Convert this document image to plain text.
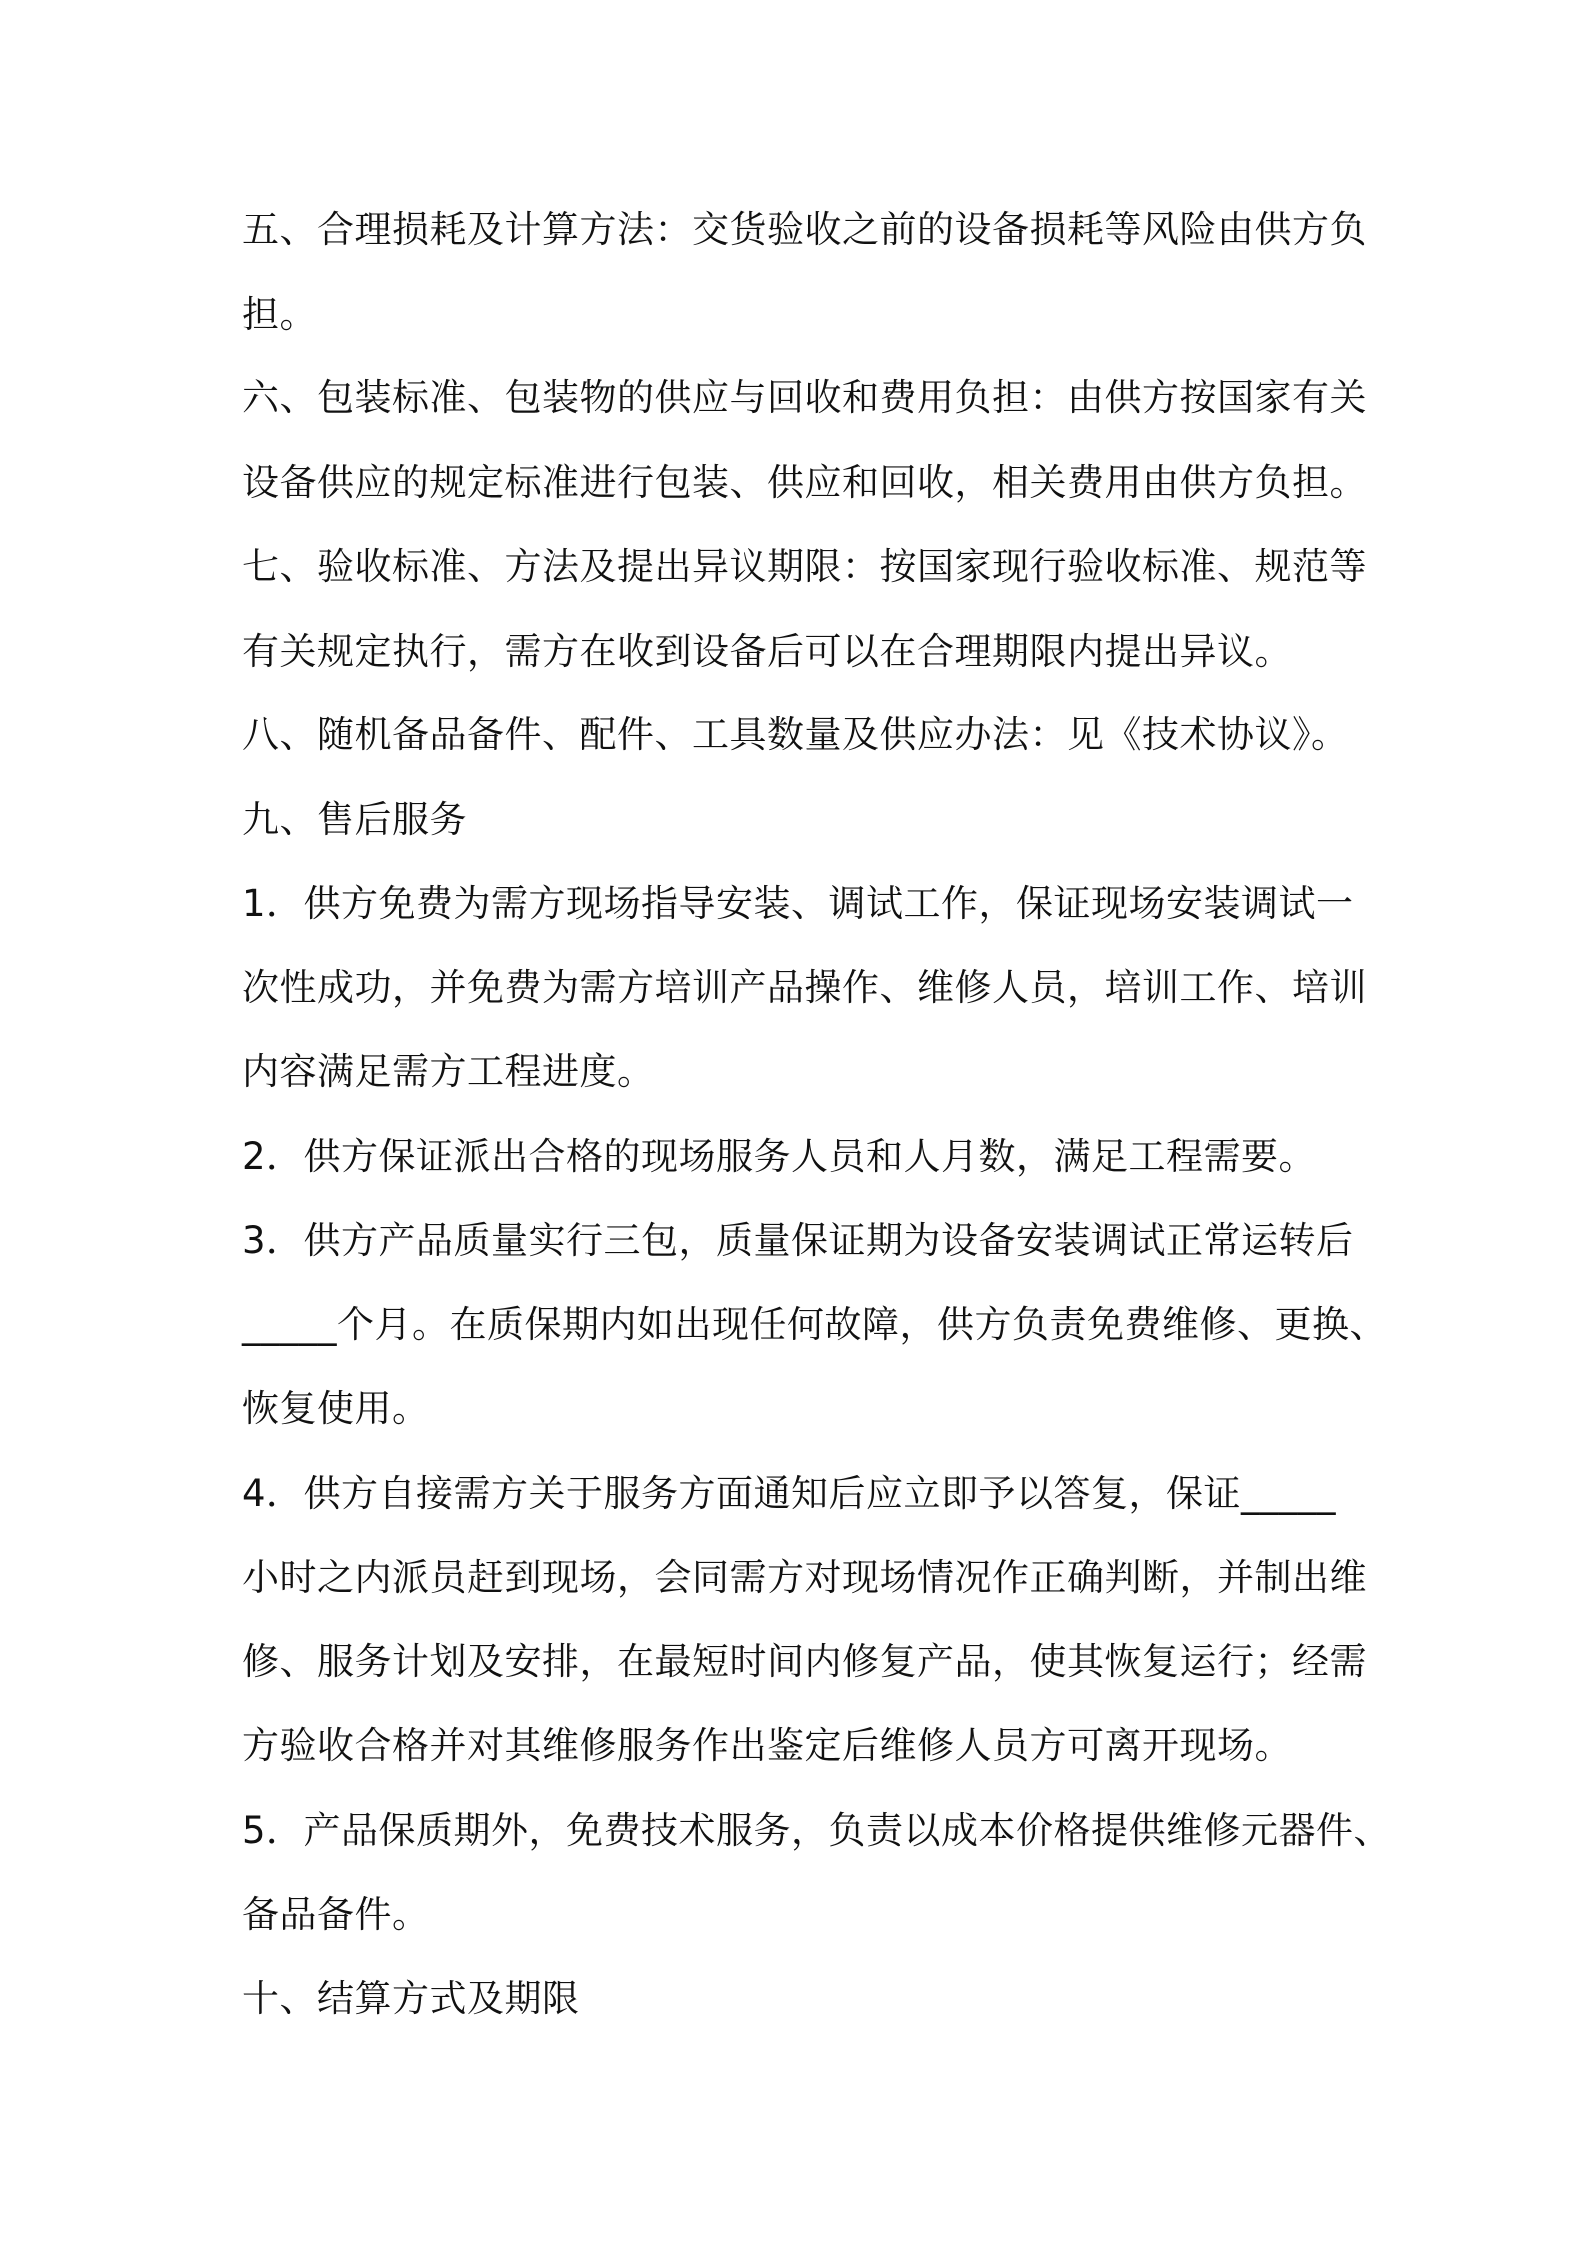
五、合理损耗及计算方法：交货验收之前的设备损耗等风险由供方负
担。
六、包装标准、包装物的供应与回收和费用负担：由供方按国家有关
设备供应的规定标准进行包装、供应和回收，相关费用由供方负担。
七、验收标准、方法及提出异议期限：按国家现行验收标准、规范等
有关规定执行，需方在收到设备后可以在合理期限内提出异议。
八、随机备品备件、配件、工具数量及供应办法：见《技术协议》。
九、售后服务
1．供方免费为需方现场指导安装、调试工作，保证现场安装调试一
次性成功，并免费为需方培训产品操作、维修人员，培训工作、培训
内容满足需方工程进度。
2．供方保证派出合格的现场服务人员和人月数，满足工程需要。
3．供方产品质量实行三包，质量保证期为设备安装调试正常运转后
_____个月。在质保期内如出现任何故障，供方负责免费维修、更换、
恢复使用。
4．供方自接需方关于服务方面通知后应立即予以答复，保证_____
小时之内派员赶到现场，会同需方对现场情况作正确判断，并制出维
修、服务计划及安排，在最短时间内修复产品，使其恢复运行；经需
方验收合格并对其维修服务作出鉴定后维修人员方可离开现场。
5．产品保质期外，免费技术服务，负责以成本价格提供维修元器件、
备品备件。
十、结算方式及期限
